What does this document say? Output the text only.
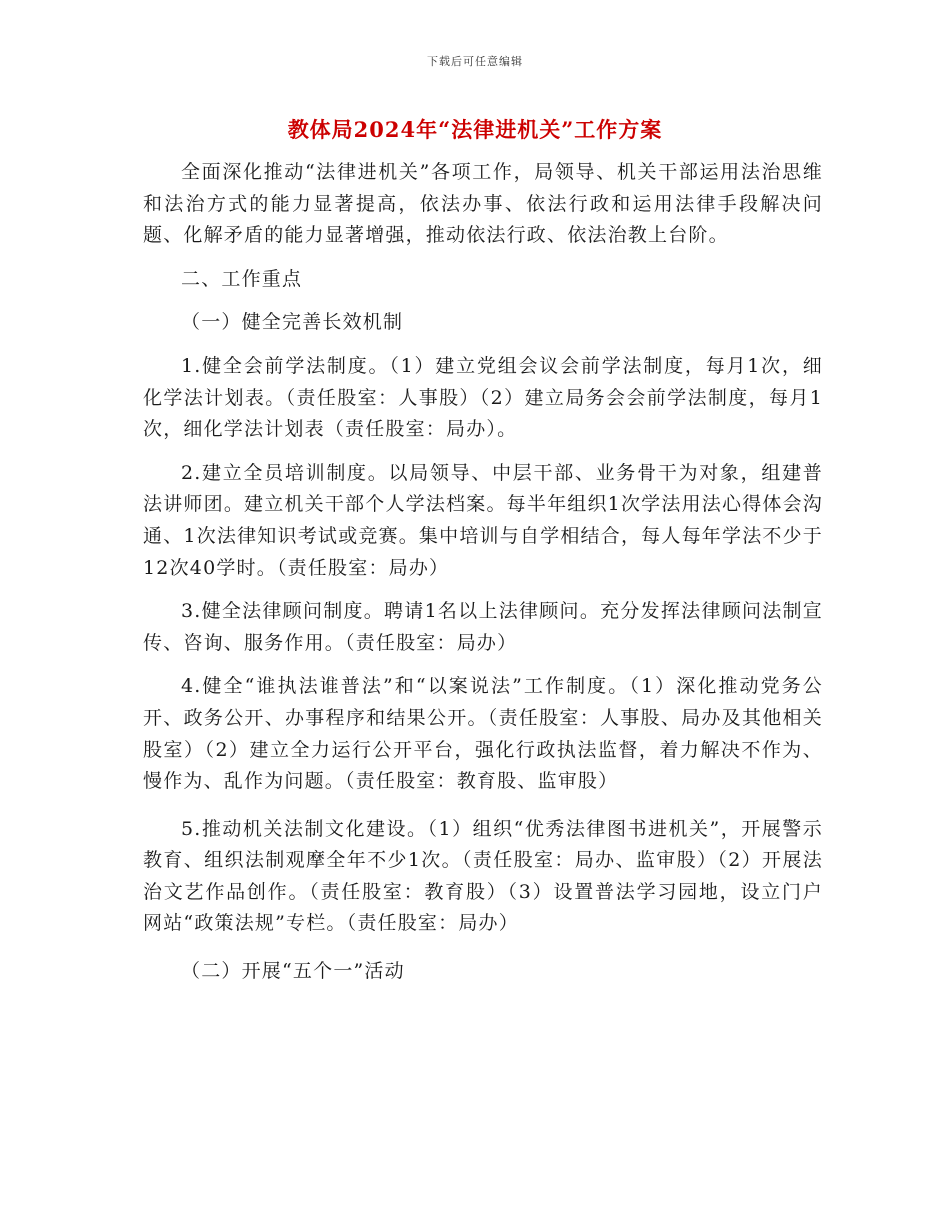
下载后可任意编辑
教体局2024年“法律进机关”工作方案

全面深化推动“法律进机关”各项工作，局领导、机关干部运用法治思维和法治方式的能力显著提高，依法办事、依法行政和运用法律手段解决问题、化解矛盾的能力显著增强，推动依法行政、依法治教上台阶。

二、工作重点

（一）健全完善长效机制

1.健全会前学法制度。（1）建立党组会议会前学法制度，每月1次，细化学法计划表。（责任股室：人事股）（2）建立局务会会前学法制度，每月1次，细化学法计划表（责任股室：局办）。

2.建立全员培训制度。以局领导、中层干部、业务骨干为对象，组建普法讲师团。建立机关干部个人学法档案。每半年组织1次学法用法心得体会沟通、1次法律知识考试或竞赛。集中培训与自学相结合，每人每年学法不少于12次40学时。（责任股室：局办）

3.健全法律顾问制度。聘请1名以上法律顾问。充分发挥法律顾问法制宣传、咨询、服务作用。（责任股室：局办）

4.健全“谁执法谁普法”和“以案说法”工作制度。（1）深化推动党务公开、政务公开、办事程序和结果公开。（责任股室：人事股、局办及其他相关股室）（2）建立全力运行公开平台，强化行政执法监督，着力解决不作为、慢作为、乱作为问题。（责任股室：教育股、监审股）

5.推动机关法制文化建设。（1）组织“优秀法律图书进机关”，开展警示教育、组织法制观摩全年不少1次。（责任股室：局办、监审股）（2）开展法治文艺作品创作。（责任股室：教育股）（3）设置普法学习园地，设立门户网站“政策法规”专栏。（责任股室：局办）

（二）开展“五个一”活动
